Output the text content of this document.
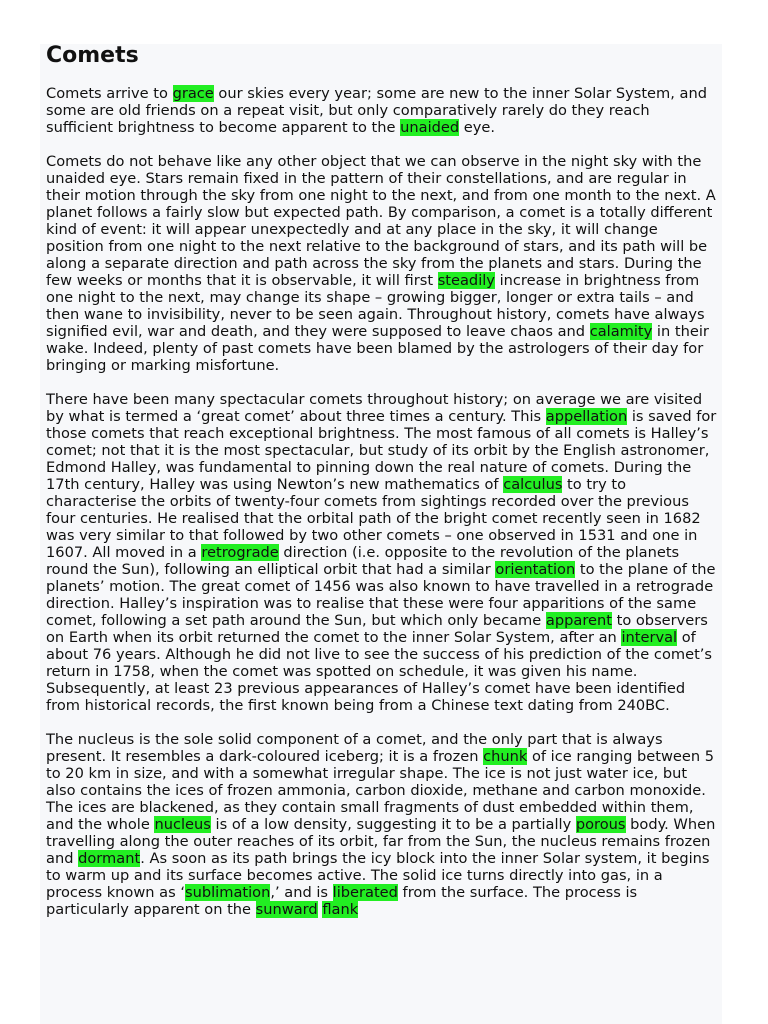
Comets

Comets arrive to grace our skies every year; some are new to the inner Solar System, and some are old friends on a repeat visit, but only comparatively rarely do they reach sufficient brightness to become apparent to the unaided eye.

Comets do not behave like any other object that we can observe in the night sky with the unaided eye. Stars remain fixed in the pattern of their constellations, and are regular in their motion through the sky from one night to the next, and from one month to the next. A planet follows a fairly slow but expected path. By comparison, a comet is a totally different kind of event: it will appear unexpectedly and at any place in the sky, it will change position from one night to the next relative to the background of stars, and its path will be along a separate direction and path across the sky from the planets and stars. During the few weeks or months that it is observable, it will first steadily increase in brightness from one night to the next, may change its shape – growing bigger, longer or extra tails – and then wane to invisibility, never to be seen again. Throughout history, comets have always signified evil, war and death, and they were supposed to leave chaos and calamity in their wake. Indeed, plenty of past comets have been blamed by the astrologers of their day for bringing or marking misfortune.

There have been many spectacular comets throughout history; on average we are visited by what is termed a ‘great comet’ about three times a century. This appellation is saved for those comets that reach exceptional brightness. The most famous of all comets is Halley’s comet; not that it is the most spectacular, but study of its orbit by the English astronomer, Edmond Halley, was fundamental to pinning down the real nature of comets. During the 17th century, Halley was using Newton’s new mathematics of calculus to try to characterise the orbits of twenty-four comets from sightings recorded over the previous four centuries. He realised that the orbital path of the bright comet recently seen in 1682 was very similar to that followed by two other comets – one observed in 1531 and one in 1607. All moved in a retrograde direction (i.e. opposite to the revolution of the planets round the Sun), following an elliptical orbit that had a similar orientation to the plane of the planets’ motion. The great comet of 1456 was also known to have travelled in a retrograde direction. Halley’s inspiration was to realise that these were four apparitions of the same comet, following a set path around the Sun, but which only became apparent to observers on Earth when its orbit returned the comet to the inner Solar System, after an interval of about 76 years. Although he did not live to see the success of his prediction of the comet’s return in 1758, when the comet was spotted on schedule, it was given his name. Subsequently, at least 23 previous appearances of Halley’s comet have been identified from historical records, the first known being from a Chinese text dating from 240BC.

The nucleus is the sole solid component of a comet, and the only part that is always present. It resembles a dark-coloured iceberg; it is a frozen chunk of ice ranging between 5 to 20 km in size, and with a somewhat irregular shape. The ice is not just water ice, but also contains the ices of frozen ammonia, carbon dioxide, methane and carbon monoxide. The ices are blackened, as they contain small fragments of dust embedded within them, and the whole nucleus is of a low density, suggesting it to be a partially porous body. When travelling along the outer reaches of its orbit, far from the Sun, the nucleus remains frozen and dormant. As soon as its path brings the icy block into the inner Solar system, it begins to warm up and its surface becomes active. The solid ice turns directly into gas, in a process known as ‘sublimation,’ and is liberated from the surface. The process is particularly apparent on the sunward flank
